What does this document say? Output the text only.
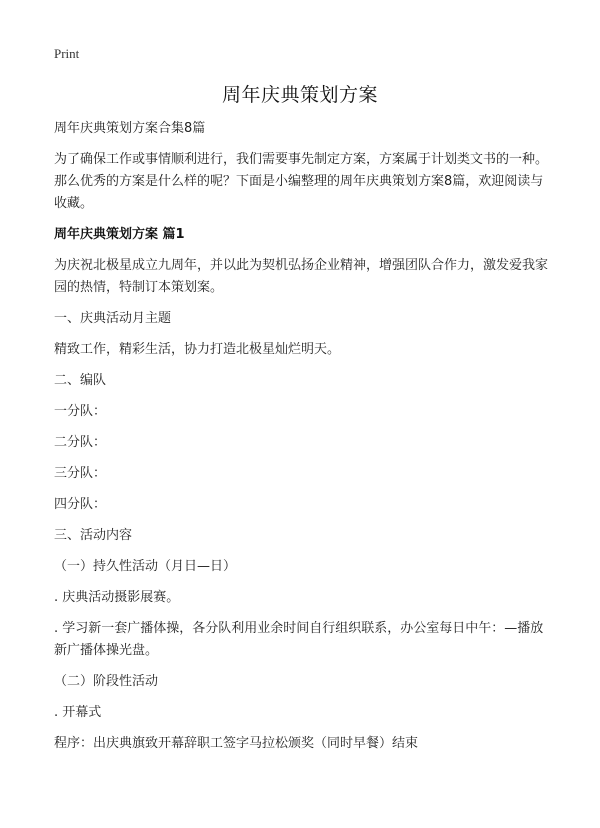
Print
周年庆典策划方案

周年庆典策划方案合集8篇

为了确保工作或事情顺利进行，我们需要事先制定方案，方案属于计划类文书的一种。那么优秀的方案是什么样的呢？下面是小编整理的周年庆典策划方案8篇，欢迎阅读与收藏。

周年庆典策划方案 篇1

为庆祝北极星成立九周年，并以此为契机弘扬企业精神，增强团队合作力，激发爱我家园的热情，特制订本策划案。

一、庆典活动月主题

精致工作，精彩生活，协力打造北极星灿烂明天。

二、编队

一分队：

二分队：

三分队：

四分队：

三、活动内容

（一）持久性活动（月日—日）

. 庆典活动摄影展赛。

. 学习新一套广播体操，各分队利用业余时间自行组织联系，办公室每日中午：—播放新广播体操光盘。

（二）阶段性活动

. 开幕式

程序：出庆典旗致开幕辞职工签字马拉松颁奖（同时早餐）结束
